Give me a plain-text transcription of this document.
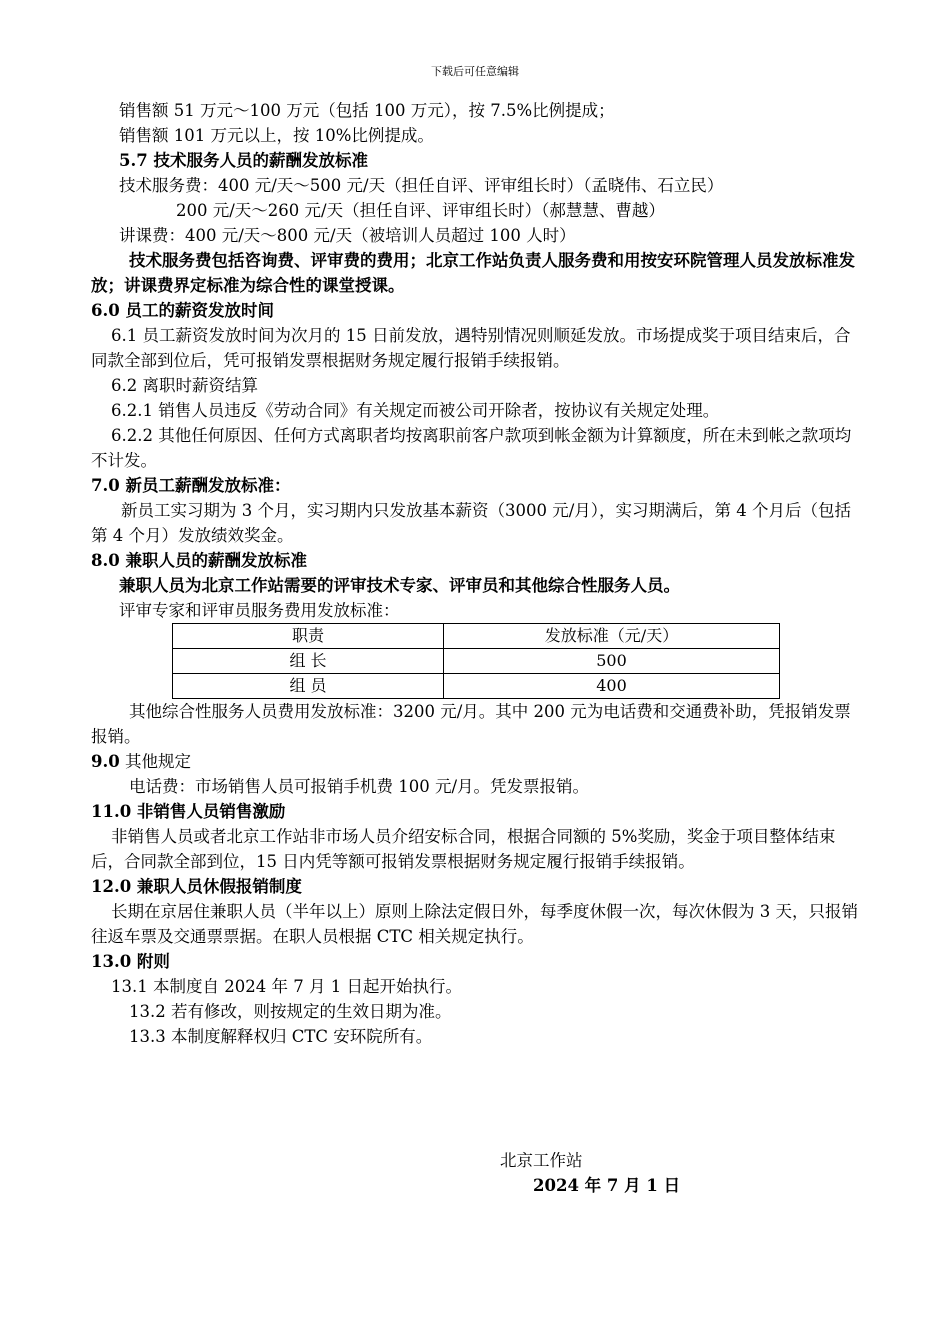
下载后可任意编辑

销售额 51 万元～100 万元（包括 100 万元），按 7.5%比例提成；

销售额 101 万元以上，按 10%比例提成。

5.7 技术服务人员的薪酬发放标准

技术服务费：400 元/天～500 元/天（担任自评、评审组长时）（孟晓伟、石立民）

200 元/天～260 元/天（担任自评、评审组长时）（郝慧慧、曹越）

讲课费：400 元/天～800 元/天（被培训人员超过 100 人时）

技术服务费包括咨询费、评审费的费用；北京工作站负责人服务费和用按安环院管理人员发放标准发放；讲课费界定标准为综合性的课堂授课。

6.0 员工的薪资发放时间

6.1 员工薪资发放时间为次月的 15 日前发放，遇特别情况则顺延发放。市场提成奖于项目结束后，合同款全部到位后，凭可报销发票根据财务规定履行报销手续报销。

6.2 离职时薪资结算

6.2.1 销售人员违反《劳动合同》有关规定而被公司开除者，按协议有关规定处理。

6.2.2 其他任何原因、任何方式离职者均按离职前客户款项到帐金额为计算额度，所在未到帐之款项均不计发。

7.0 新员工薪酬发放标准：

新员工实习期为 3 个月，实习期内只发放基本薪资（3000 元/月），实习期满后，第 4 个月后（包括第 4 个月）发放绩效奖金。

8.0 兼职人员的薪酬发放标准

兼职人员为北京工作站需要的评审技术专家、评审员和其他综合性服务人员。

评审专家和评审员服务费用发放标准：

职责	发放标准（元/天）
组 长	500
组 员	400

其他综合性服务人员费用发放标准：3200 元/月。其中 200 元为电话费和交通费补助，凭报销发票报销。

9.0 其他规定

电话费：市场销售人员可报销手机费 100 元/月。凭发票报销。

11.0 非销售人员销售激励

非销售人员或者北京工作站非市场人员介绍安标合同，根据合同额的 5%奖励，奖金于项目整体结束后，合同款全部到位，15 日内凭等额可报销发票根据财务规定履行报销手续报销。

12.0 兼职人员休假报销制度

长期在京居住兼职人员（半年以上）原则上除法定假日外，每季度休假一次，每次休假为 3 天，只报销往返车票及交通票票据。在职人员根据 CTC 相关规定执行。

13.0 附则

13.1 本制度自 2024 年 7 月 1 日起开始执行。

13.2 若有修改，则按规定的生效日期为准。

13.3 本制度解释权归 CTC 安环院所有。

北京工作站
2024 年 7 月 1 日
